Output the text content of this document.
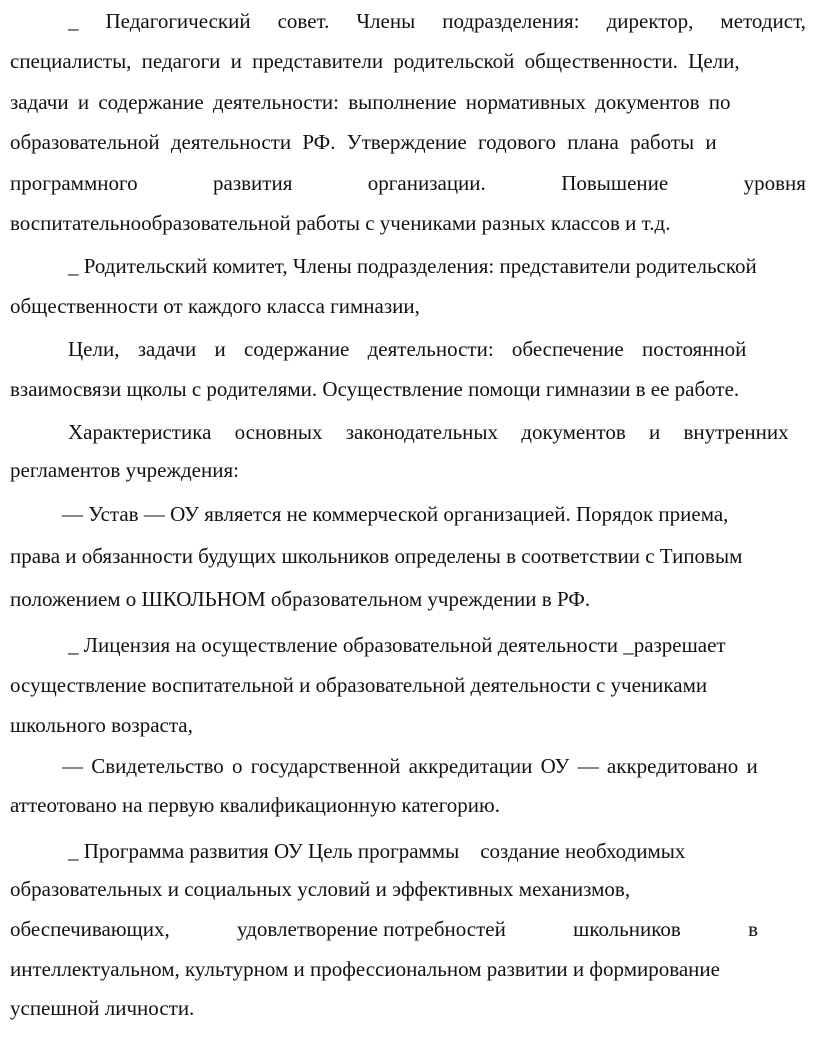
_ Педагогический совет. Члены подразделения: директор, методист,
специалисты, педагоги и представители родительской общественности. Цели,
задачи и содержание деятельности: выполнение нормативных документов по
образовательной деятельности РФ. Утверждение годового плана работы и
программного	развития	организации.	Повышение	уровня
воспитательнообразовательной работы с учениками разных классов и т.д.
_ Родительский комитет, Члены подразделения: представители родительской
общественности от каждого класса гимназии,
Цели, задачи и содержание деятельности: обеспечение постоянной
взаимосвязи щколы с родителями. Осуществление помощи гимназии в ее работе.
Характеристика основных законодательных документов и внутренних
регламентов учреждения:
— Устав — ОУ является не коммерческой организацией. Порядок приема,
права и обязанности будущих школьников определены в соответствии с Типовым
положением о ШКОЛЬНОМ образовательном учреждении в РФ.
_ Лицензия на осуществление образовательной деятельности _разрешает
осуществление воспитательной и образовательной деятельности с учениками
школьного возраста,
— Свидетельство о государственной аккредитации ОУ — аккредитовано и
аттеотовано на первую квалификационную категорию.
_ Программа развития ОУ Цель программы    создание необходимых
образовательных и социальных условий и эффективных механизмов,
обеспечивающих,	удовлетворение потребностей	школьников	в
интеллектуальном, культурном и профессиональном развитии и формирование
успешной личности.
